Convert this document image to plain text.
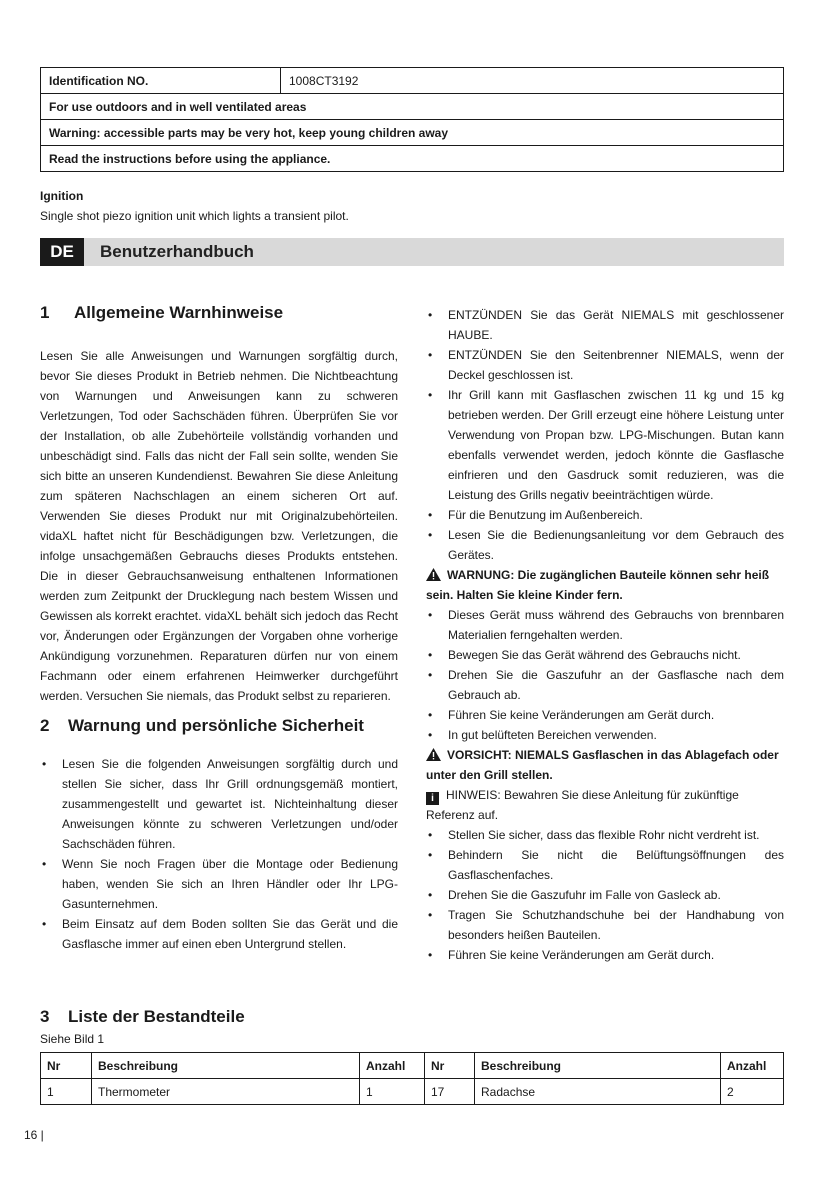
Identification NO.	1008CT3192
For use outdoors and in well ventilated areas
Warning: accessible parts may be very hot, keep young children away
Read the instructions before using the appliance.
Ignition
Single shot piezo ignition unit which lights a transient pilot.
DE	Benutzerhandbuch
1	Allgemeine Warnhinweise

Lesen Sie alle Anweisungen und Warnungen sorgfältig durch, bevor Sie dieses Produkt in Betrieb nehmen. Die Nichtbeachtung von Warnungen und Anweisungen kann zu schweren Verletzungen, Tod oder Sachschäden führen. Überprüfen Sie vor der Installation, ob alle Zubehörteile vollständig vorhanden und unbeschädigt sind. Falls das nicht der Fall sein sollte, wenden Sie sich bitte an unseren Kundendienst. Bewahren Sie diese Anleitung zum späteren Nachschlagen an einem sicheren Ort auf. Verwenden Sie dieses Produkt nur mit Originalzubehörteilen. vidaXL haftet nicht für Beschädigungen bzw. Verletzungen, die infolge unsachgemäßen Gebrauchs dieses Produkts entstehen. Die in dieser Gebrauchsanweisung enthaltenen Informationen werden zum Zeitpunkt der Drucklegung nach bestem Wissen und Gewissen als korrekt erachtet. vidaXL behält sich jedoch das Recht vor, Änderungen oder Ergänzungen der Vorgaben ohne vorherige Ankündigung vorzunehmen. Reparaturen dürfen nur von einem Fachmann oder einem erfahrenen Heimwerker durchgeführt werden. Versuchen Sie niemals, das Produkt selbst zu reparieren.

2	Warnung und persönliche Sicherheit
• Lesen Sie die folgenden Anweisungen sorgfältig durch und stellen Sie sicher, dass Ihr Grill ordnungsgemäß montiert, zusammengestellt und gewartet ist. Nichteinhaltung dieser Anweisungen könnte zu schweren Verletzungen und/oder Sachschäden führen.
• Wenn Sie noch Fragen über die Montage oder Bedienung haben, wenden Sie sich an Ihren Händler oder Ihr LPG-Gasunternehmen.
• Beim Einsatz auf dem Boden sollten Sie das Gerät und die Gasflasche immer auf einen eben Untergrund stellen.
• ENTZÜNDEN Sie das Gerät NIEMALS mit geschlossener HAUBE.
• ENTZÜNDEN Sie den Seitenbrenner NIEMALS, wenn der Deckel geschlossen ist.
• Ihr Grill kann mit Gasflaschen zwischen 11 kg und 15 kg betrieben werden. Der Grill erzeugt eine höhere Leistung unter Verwendung von Propan bzw. LPG-Mischungen. Butan kann ebenfalls verwendet werden, jedoch könnte die Gasflasche einfrieren und den Gasdruck somit reduzieren, was die Leistung des Grills negativ beeinträchtigen würde.
• Für die Benutzung im Außenbereich.
• Lesen Sie die Bedienungsanleitung vor dem Gebrauch des Gerätes.
WARNUNG: Die zugänglichen Bauteile können sehr heiß sein. Halten Sie kleine Kinder fern.
• Dieses Gerät muss während des Gebrauchs von brennbaren Materialien ferngehalten werden.
• Bewegen Sie das Gerät während des Gebrauchs nicht.
• Drehen Sie die Gaszufuhr an der Gasflasche nach dem Gebrauch ab.
• Führen Sie keine Veränderungen am Gerät durch.
• In gut belüfteten Bereichen verwenden.
VORSICHT: NIEMALS Gasflaschen in das Ablagefach oder unter den Grill stellen.
i HINWEIS: Bewahren Sie diese Anleitung für zukünftige Referenz auf.
• Stellen Sie sicher, dass das flexible Rohr nicht verdreht ist.
• Behindern Sie nicht die Belüftungsöffnungen des Gasflaschenfaches.
• Drehen Sie die Gaszufuhr im Falle von Gasleck ab.
• Tragen Sie Schutzhandschuhe bei der Handhabung von besonders heißen Bauteilen.
• Führen Sie keine Veränderungen am Gerät durch.
3	Liste der Bestandteile
Siehe Bild 1
Nr	Beschreibung	Anzahl	Nr	Beschreibung	Anzahl
1	Thermometer	1	17	Radachse	2
16 |
